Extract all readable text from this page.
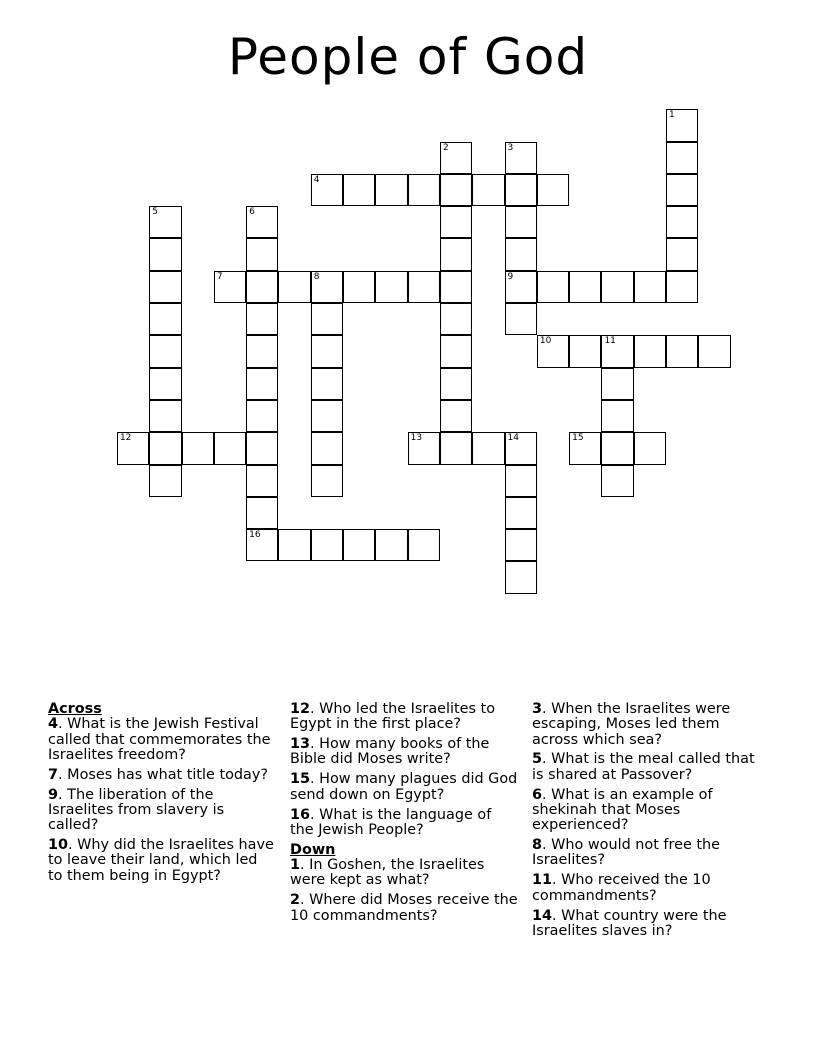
People of God
1
2	3
9
4
5	6
16
7	8
10	11
12	13	14	15
Across
4. What is the Jewish Festival called that commemorates the Israelites freedom?
7. Moses has what title today?
9. The liberation of the Israelites from slavery is called?
10. Why did the Israelites have to leave their land, which led to them being in Egypt?
12. Who led the Israelites to Egypt in the first place?
13. How many books of the Bible did Moses write?
15. How many plagues did God send down on Egypt?
16. What is the language of the Jewish People?
Down
1. In Goshen, the Israelites were kept as what?
2. Where did Moses receive the 10 commandments?
3. When the Israelites were escaping, Moses led them across which sea?
5. What is the meal called that is shared at Passover?
6. What is an example of shekinah that Moses experienced?
8. Who would not free the Israelites?
11. Who received the 10 commandments?
14. What country were the Israelites slaves in?
